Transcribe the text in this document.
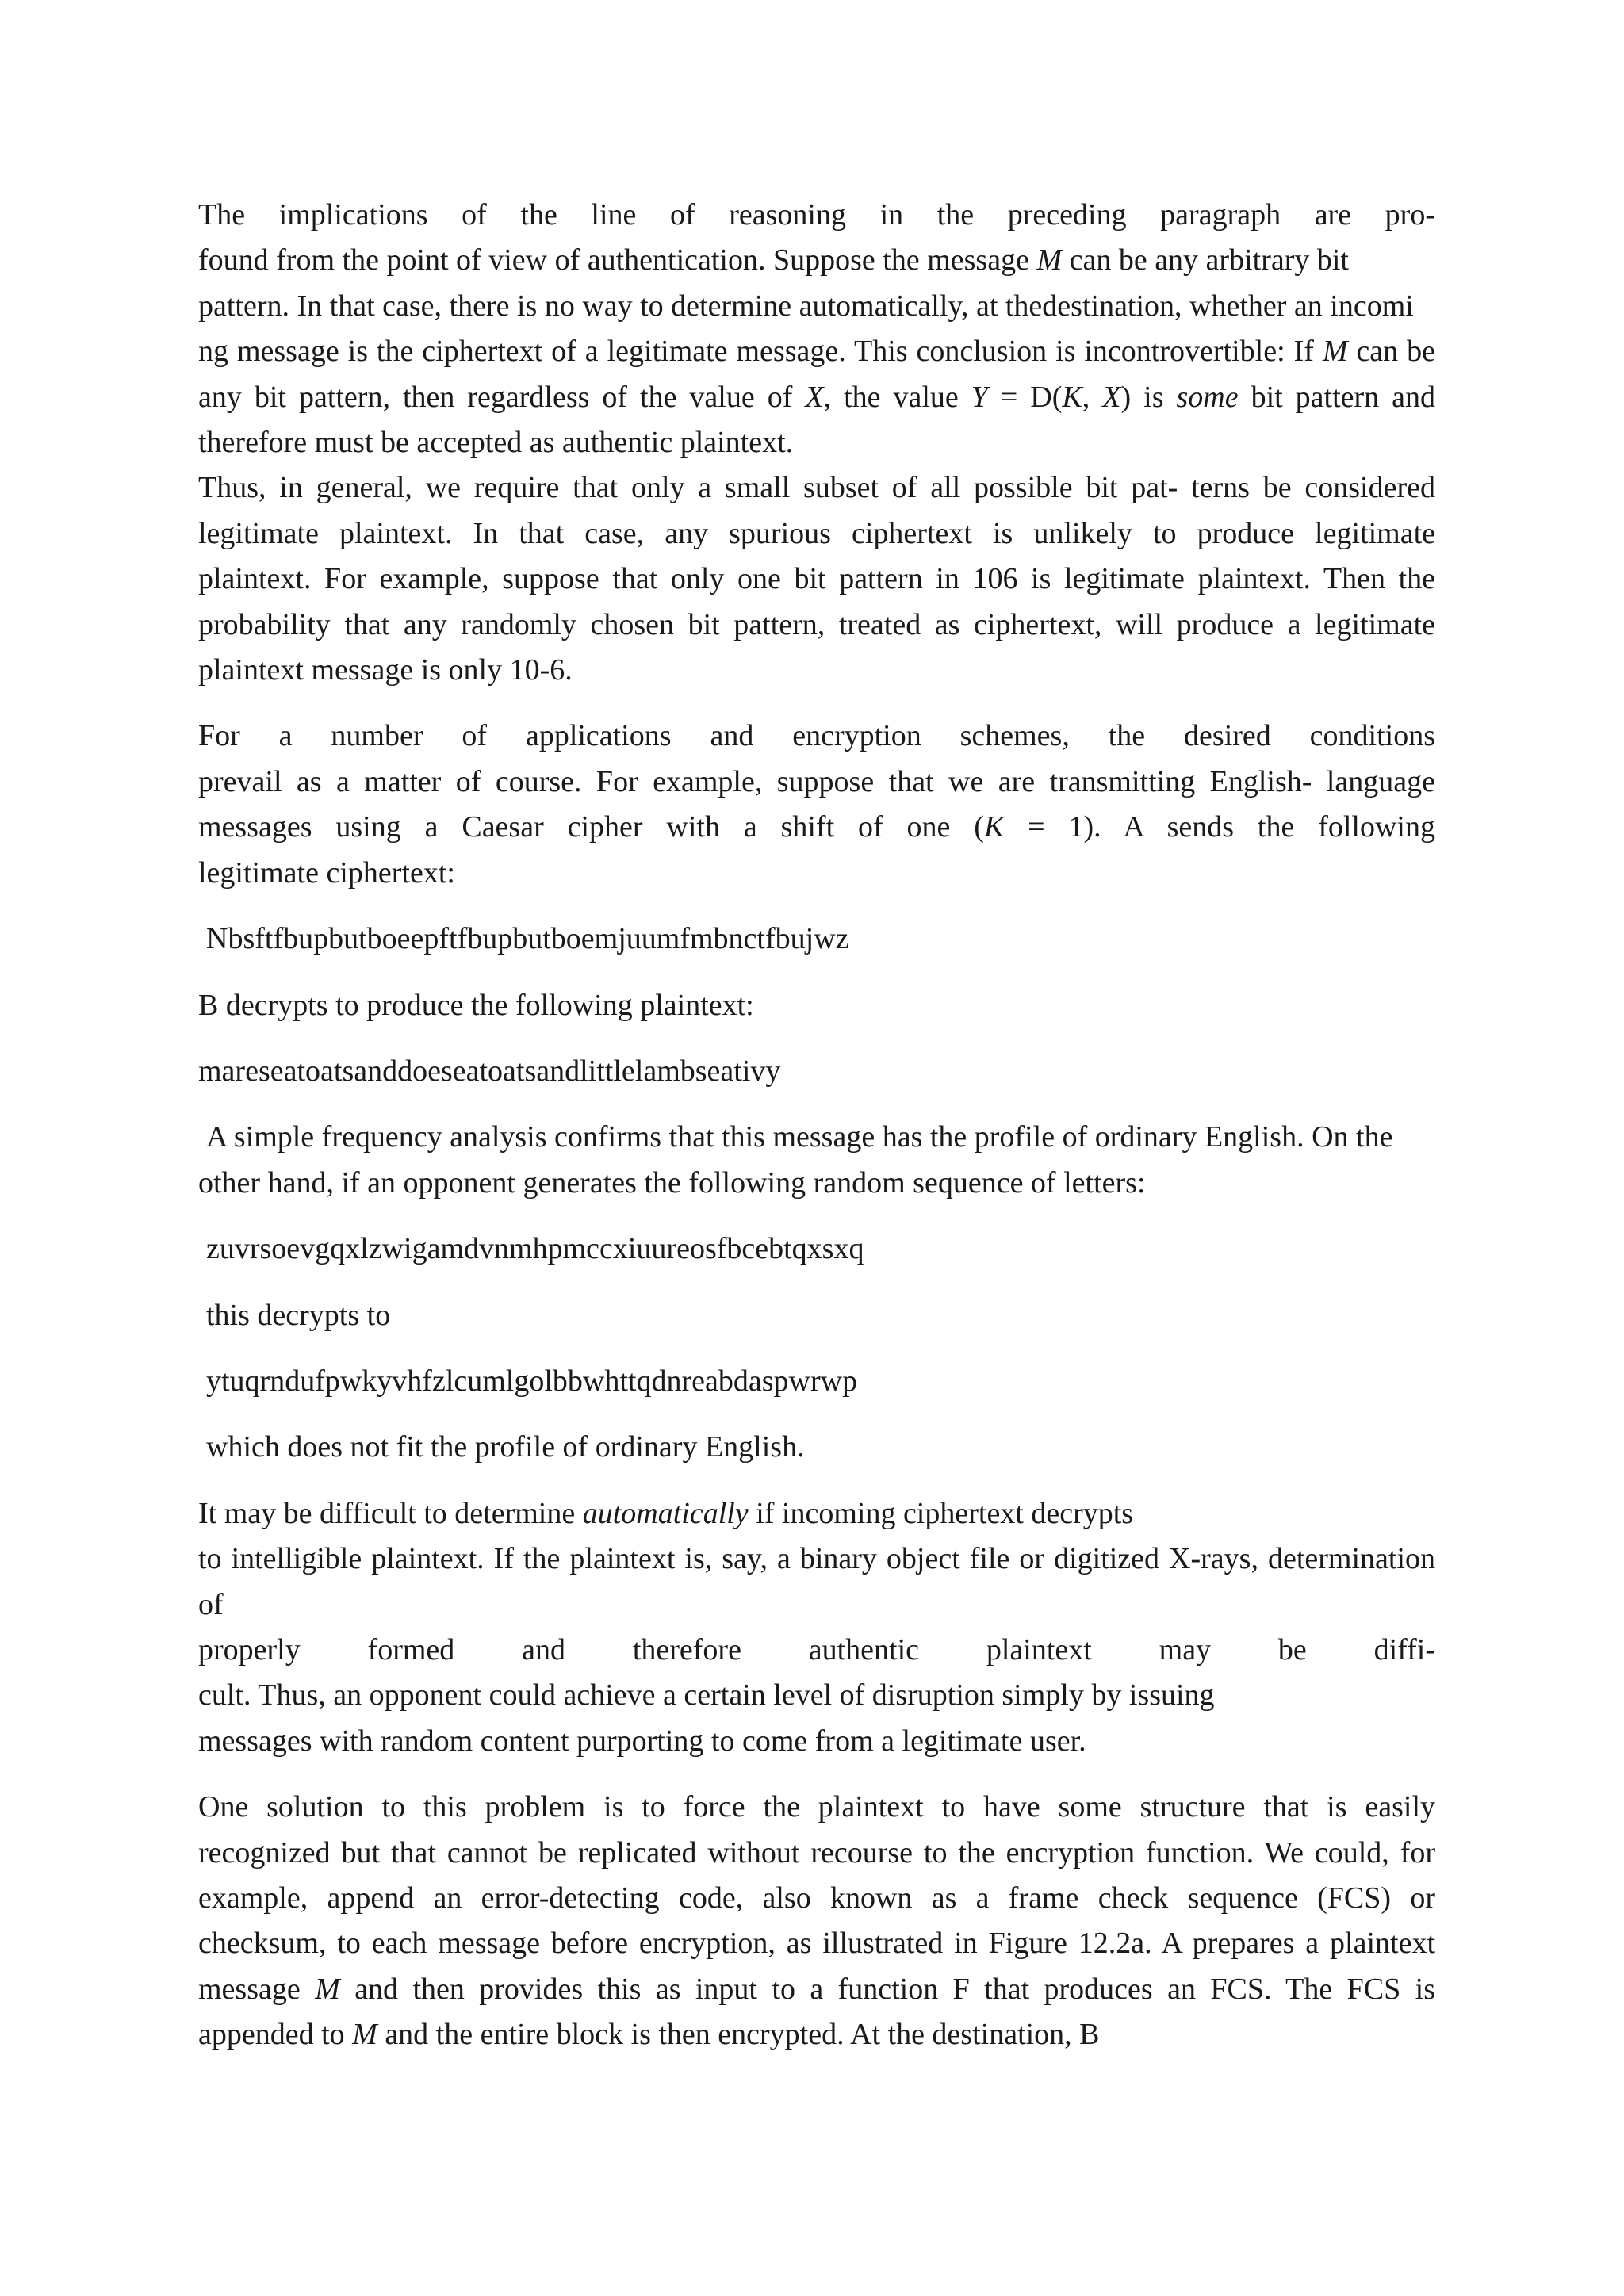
The implications of the line of reasoning in the preceding paragraph are pro-
found from the point of view of authentication. Suppose the message M can be any arbitrary bit
pattern. In that case, there is no way to determine automatically, at thedestination, whether an incomi
ng message is the ciphertext of a legitimate message. This conclusion is incontrovertible: If M can be
any bit pattern, then regardless of the value of X, the value Y = D(K, X) is some bit pattern and
therefore must be accepted as authentic plaintext.
Thus, in general, we require that only a small subset of all possible bit pat- terns be considered
legitimate plaintext. In that case, any spurious ciphertext is unlikely to produce legitimate
plaintext. For example, suppose that only one bit pattern in 106 is legitimate plaintext. Then the
probability that any randomly chosen bit pattern, treated as ciphertext, will produce a legitimate
plaintext message is only 10-6.
For a number of applications and encryption schemes, the desired conditions
prevail as a matter of course. For example, suppose that we are transmitting English- language
messages using a Caesar cipher with a shift of one (K = 1). A sends the following
legitimate ciphertext:
Nbsftfbupbutboeepftfbupbutboemjuumfmbnctfbujwz
B decrypts to produce the following plaintext:
mareseatoatsanddoeseatoatsandlittlelambseativy
A simple frequency analysis confirms that this message has the profile of ordinary English. On the
other hand, if an opponent generates the following random sequence of letters:
zuvrsoevgqxlzwigamdvnmhpmccxiuureosfbcebtqxsxq
this decrypts to
ytuqrndufpwkyvhfzlcumlgolbbwhttqdnreabdaspwrwp
which does not fit the profile of ordinary English.
It may be difficult to determine automatically if incoming ciphertext decrypts
to intelligible plaintext. If the plaintext is, say, a binary object file or digitized X-rays, determination of
properly formed and therefore authentic plaintext may be diffi-
cult. Thus, an opponent could achieve a certain level of disruption simply by issuing
messages with random content purporting to come from a legitimate user.
One solution to this problem is to force the plaintext to have some structure that is easily
recognized but that cannot be replicated without recourse to the encryption function. We could, for
example, append an error-detecting code, also known as a frame check sequence (FCS) or
checksum, to each message before encryption, as illustrated in Figure 12.2a. A prepares a plaintext
message M and then provides this as input to a function F that produces an FCS. The FCS is
appended to M and the entire block is then encrypted. At the destination, B
